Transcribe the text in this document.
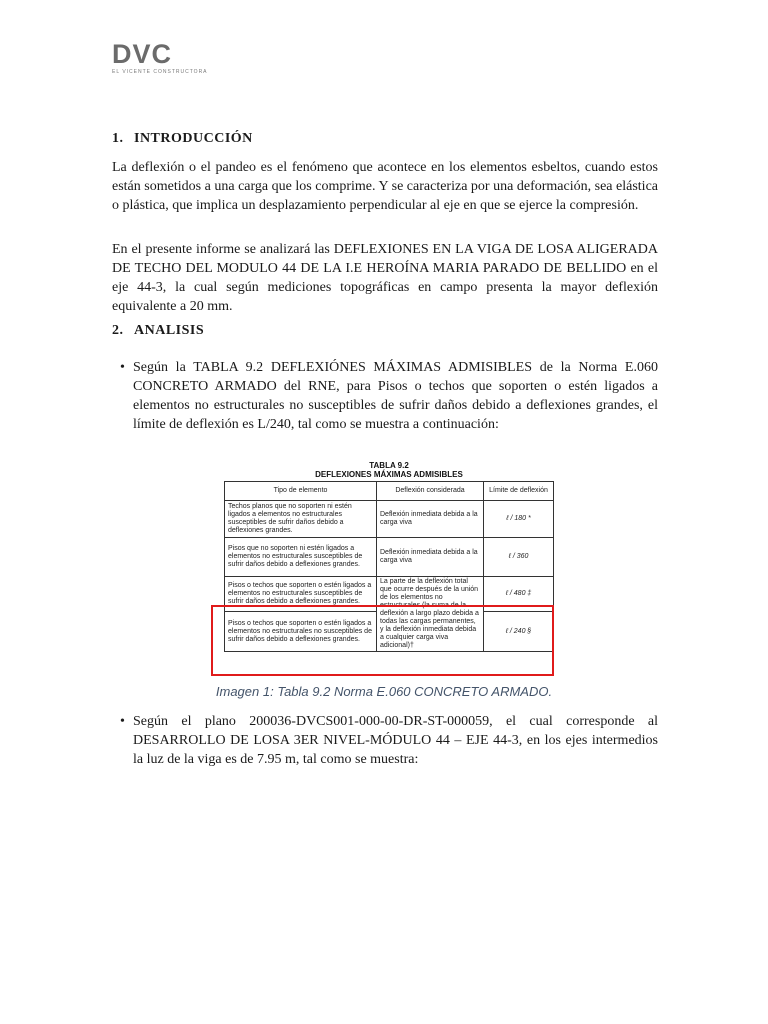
DVC
EL VICENTE CONSTRUCTORA
1. INTRODUCCIÓN
La deflexión o el pandeo es el fenómeno que acontece en los elementos esbeltos, cuando estos están sometidos a una carga que los comprime. Y se caracteriza por una deformación, sea elástica o plástica, que implica un desplazamiento perpendicular al eje en que se ejerce la compresión.
En el presente informe se analizará las DEFLEXIONES EN LA VIGA DE LOSA ALIGERADA DE TECHO DEL MODULO 44 DE LA I.E HEROÍNA MARIA PARADO DE BELLIDO en el eje 44-3, la cual según mediciones topográficas en campo presenta la mayor deflexión equivalente a 20 mm.
2. ANALISIS
• Según la TABLA 9.2 DEFLEXIÓNES MÁXIMAS ADMISIBLES de la Norma E.060 CONCRETO ARMADO del RNE, para Pisos o techos que soporten o estén ligados a elementos no estructurales no susceptibles de sufrir daños debido a deflexiones grandes, el límite de deflexión es L/240, tal como se muestra a continuación:
TABLA 9.2
DEFLEXIONES MÁXIMAS ADMISIBLES
Tipo de elemento	Deflexión considerada	Límite de deflexión
Techos planos que no soporten ni estén ligados a elementos no estructurales susceptibles de sufrir daños debido a deflexiones grandes.	Deflexión inmediata debida a la carga viva	ℓ / 180 *
Pisos que no soporten ni estén ligados a elementos no estructurales susceptibles de sufrir daños debido a deflexiones grandes.	Deflexión inmediata debida a la carga viva	ℓ / 360
Pisos o techos que soporten o estén ligados a elementos no estructurales susceptibles de sufrir daños debido a deflexiones grandes.	La parte de la deflexión total que ocurre después de la unión de los elementos no estructurales (la suma de la deflexión a largo plazo debida a todas las cargas permanentes, y la deflexión inmediata debida a cualquier carga viva adicional)†	ℓ / 480 ‡
Pisos o techos que soporten o estén ligados a elementos no estructurales no susceptibles de sufrir daños debido a deflexiones grandes.		ℓ / 240 §
Imagen 1: Tabla 9.2 Norma E.060 CONCRETO ARMADO.
• Según el plano 200036-DVCS001-000-00-DR-ST-000059, el cual corresponde al DESARROLLO DE LOSA 3ER NIVEL-MÓDULO 44 – EJE 44-3, en los ejes intermedios la luz de la viga es de 7.95 m, tal como se muestra:
